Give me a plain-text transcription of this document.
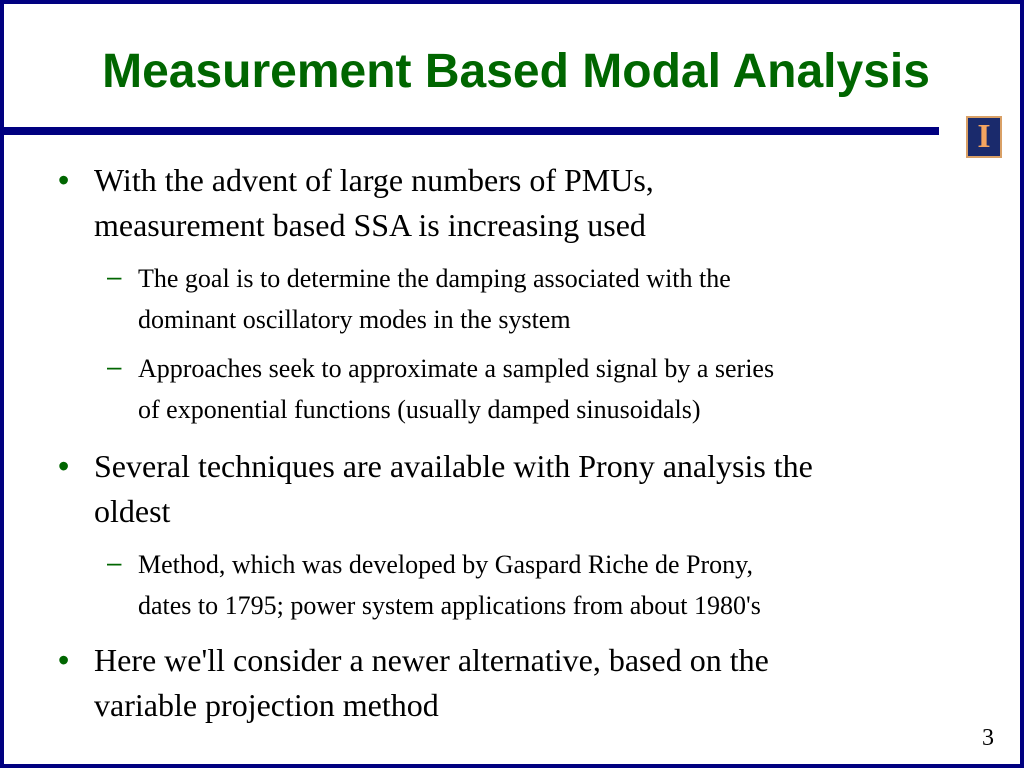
Measurement Based Modal Analysis
I
• With the advent of large numbers of PMUs,
measurement based SSA is increasing used
– The goal is to determine the damping associated with the
dominant oscillatory modes in the system
– Approaches seek to approximate a sampled signal by a series
of exponential functions (usually damped sinusoidals)
• Several techniques are available with Prony analysis the
oldest
– Method, which was developed by Gaspard Riche de Prony,
dates to 1795; power system applications from about 1980's
• Here we'll consider a newer alternative, based on the
variable projection method
3
